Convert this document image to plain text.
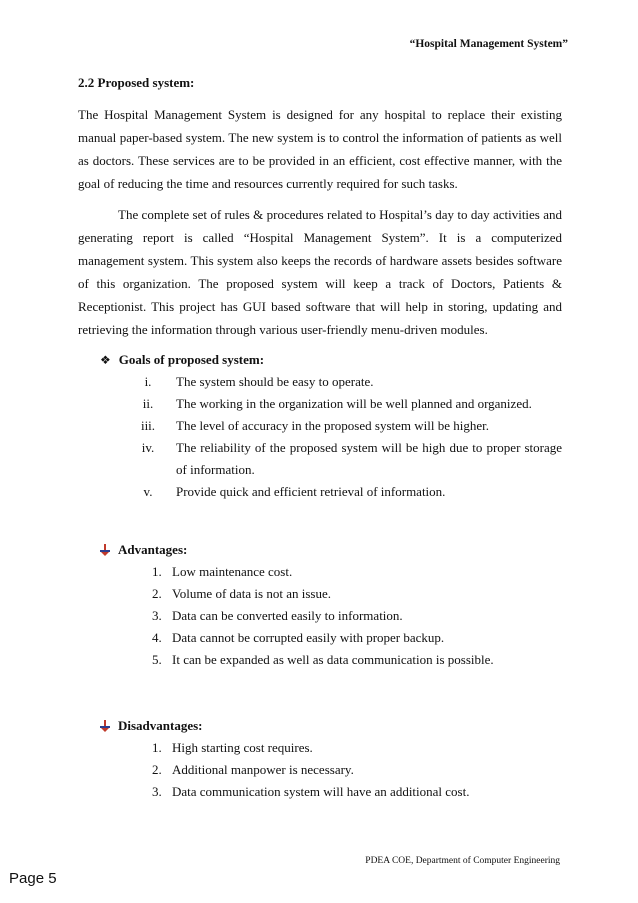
“Hospital Management System”
2.2 Proposed system:

The Hospital Management System is designed for any hospital to replace their existing manual paper-based system. The new system is to control the information of patients as well as doctors. These services are to be provided in an efficient, cost effective manner, with the goal of reducing the time and resources currently required for such tasks.

The complete set of rules & procedures related to Hospital’s day to day activities and generating report is called “Hospital Management System”. It is a computerized management system. This system also keeps the records of hardware assets besides software of this organization. The proposed system will keep a track of Doctors, Patients & Receptionist. This project has GUI based software that will help in storing, updating and retrieving the information through various user-friendly menu-driven modules.

❖ Goals of proposed system:
i.	The system should be easy to operate.
ii.	The working in the organization will be well planned and organized.
iii.	The level of accuracy in the proposed system will be higher.
iv.	The reliability of the proposed system will be high due to proper storage of information.
v.	Provide quick and efficient retrieval of information.
Advantages:
1. Low maintenance cost.
2. Volume of data is not an issue.
3. Data can be converted easily to information.
4. Data cannot be corrupted easily with proper backup.
5. It can be expanded as well as data communication is possible.
Disadvantages:
1. High starting cost requires.
2. Additional manpower is necessary.
3. Data communication system will have an additional cost.
PDEA COE, Department of Computer Engineering
Page 5
